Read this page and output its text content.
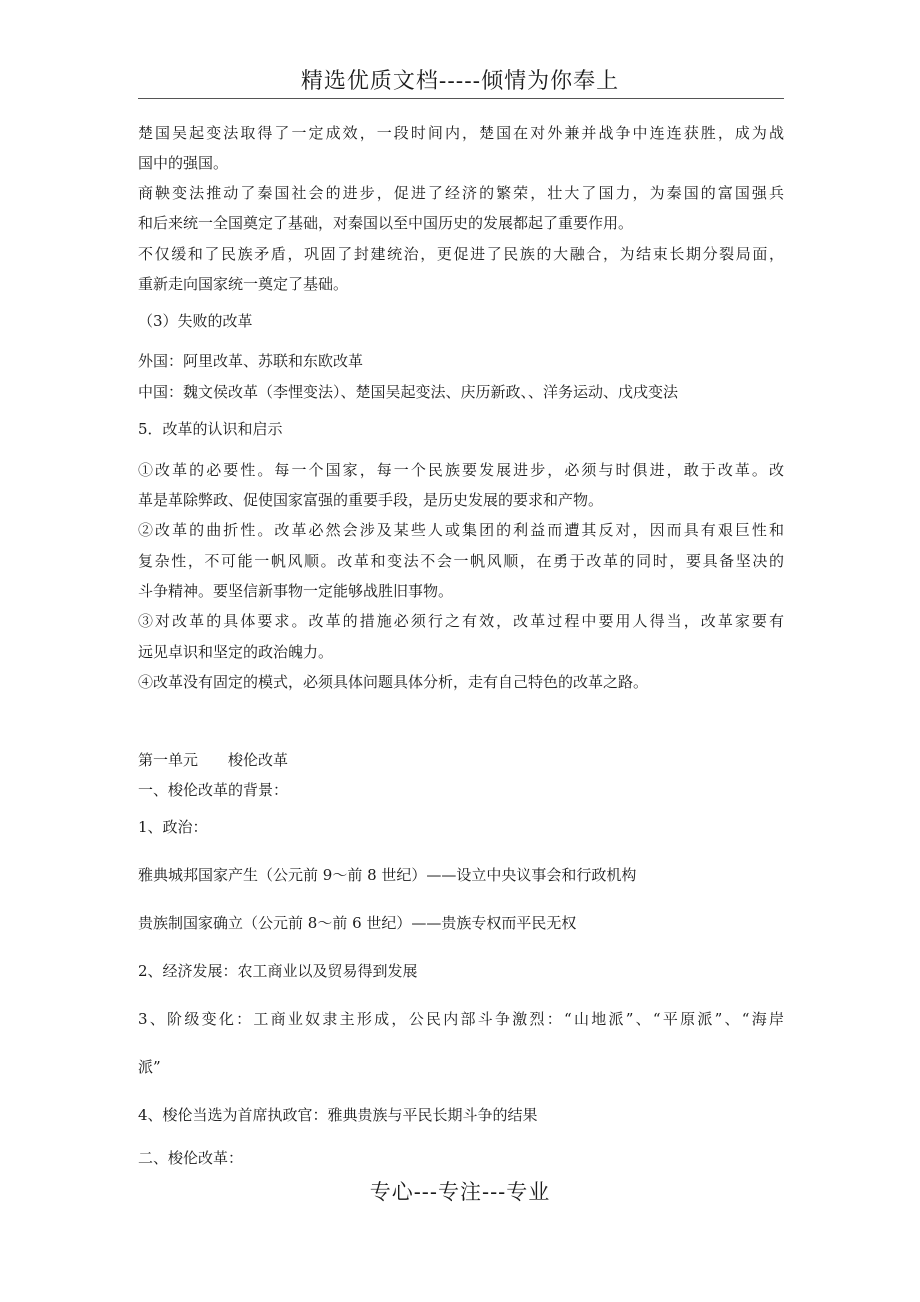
精选优质文档-----倾情为你奉上
楚国吴起变法取得了一定成效，一段时间内，楚国在对外兼并战争中连连获胜，成为战
国中的强国。
商鞅变法推动了秦国社会的进步，促进了经济的繁荣，壮大了国力，为秦国的富国强兵
和后来统一全国奠定了基础，对秦国以至中国历史的发展都起了重要作用。
不仅缓和了民族矛盾，巩固了封建统治，更促进了民族的大融合，为结束长期分裂局面，
重新走向国家统一奠定了基础。
（3）失败的改革
外国：阿里改革、苏联和东欧改革
中国：魏文侯改革（李悝变法）、楚国吴起变法、庆历新政、、洋务运动、戊戌变法
5．改革的认识和启示
①改革的必要性。每一个国家，每一个民族要发展进步，必须与时俱进，敢于改革。改
革是革除弊政、促使国家富强的重要手段，是历史发展的要求和产物。
②改革的曲折性。改革必然会涉及某些人或集团的利益而遭其反对，因而具有艰巨性和
复杂性，不可能一帆风顺。改革和变法不会一帆风顺，在勇于改革的同时，要具备坚决的
斗争精神。要坚信新事物一定能够战胜旧事物。
③对改革的具体要求。改革的措施必须行之有效，改革过程中要用人得当，改革家要有
远见卓识和坚定的政治魄力。
④改革没有固定的模式，必须具体问题具体分析，走有自己特色的改革之路。
第一单元　　梭伦改革
一、梭伦改革的背景：
1、政治：
雅典城邦国家产生（公元前 9～前 8 世纪）——设立中央议事会和行政机构
贵族制国家确立（公元前 8～前 6 世纪）——贵族专权而平民无权
2、经济发展：农工商业以及贸易得到发展
3、阶级变化：工商业奴隶主形成，公民内部斗争激烈：“山地派”、“平原派”、“海岸
派”
4、梭伦当选为首席执政官：雅典贵族与平民长期斗争的结果
二、梭伦改革：
专心---专注---专业
